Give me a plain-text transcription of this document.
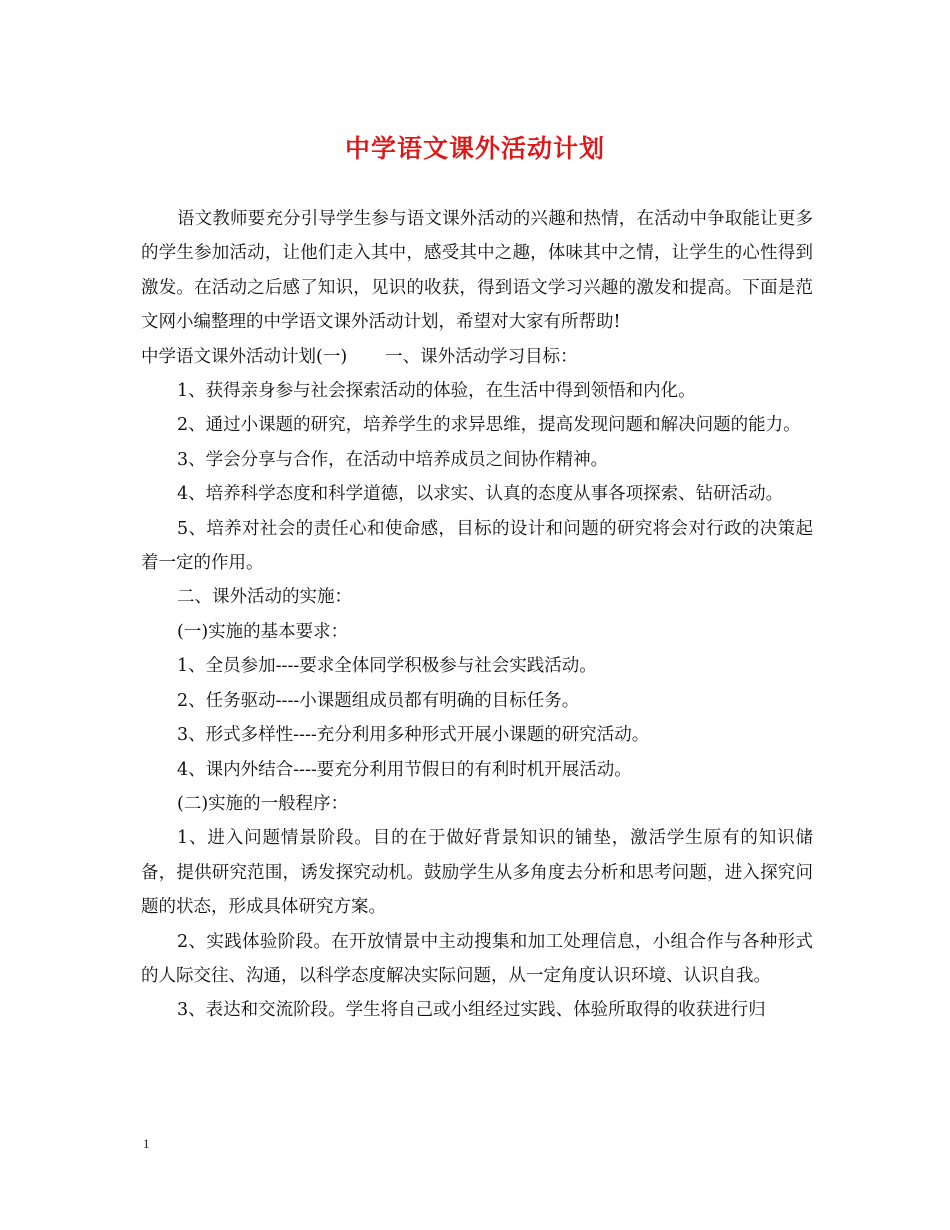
中学语文课外活动计划

语文教师要充分引导学生参与语文课外活动的兴趣和热情，在活动中争取能让更多的学生参加活动，让他们走入其中，感受其中之趣，体味其中之情，让学生的心性得到激发。在活动之后感了知识，见识的收获，得到语文学习兴趣的激发和提高。下面是范文网小编整理的中学语文课外活动计划，希望对大家有所帮助!

中学语文课外活动计划(一) 一、课外活动学习目标：

1、获得亲身参与社会探索活动的体验，在生活中得到领悟和内化。

2、通过小课题的研究，培养学生的求异思维，提高发现问题和解决问题的能力。

3、学会分享与合作，在活动中培养成员之间协作精神。

4、培养科学态度和科学道德，以求实、认真的态度从事各项探索、钻研活动。

5、培养对社会的责任心和使命感，目标的设计和问题的研究将会对行政的决策起着一定的作用。

二、课外活动的实施：

(一)实施的基本要求：

1、全员参加----要求全体同学积极参与社会实践活动。

2、任务驱动----小课题组成员都有明确的目标任务。

3、形式多样性----充分利用多种形式开展小课题的研究活动。

4、课内外结合----要充分利用节假日的有利时机开展活动。

(二)实施的一般程序：

1、进入问题情景阶段。目的在于做好背景知识的铺垫，激活学生原有的知识储备，提供研究范围，诱发探究动机。鼓励学生从多角度去分析和思考问题，进入探究问题的状态，形成具体研究方案。

2、实践体验阶段。在开放情景中主动搜集和加工处理信息，小组合作与各种形式的人际交往、沟通，以科学态度解决实际问题，从一定角度认识环境、认识自我。

3、表达和交流阶段。学生将自己或小组经过实践、体验所取得的收获进行归

1
